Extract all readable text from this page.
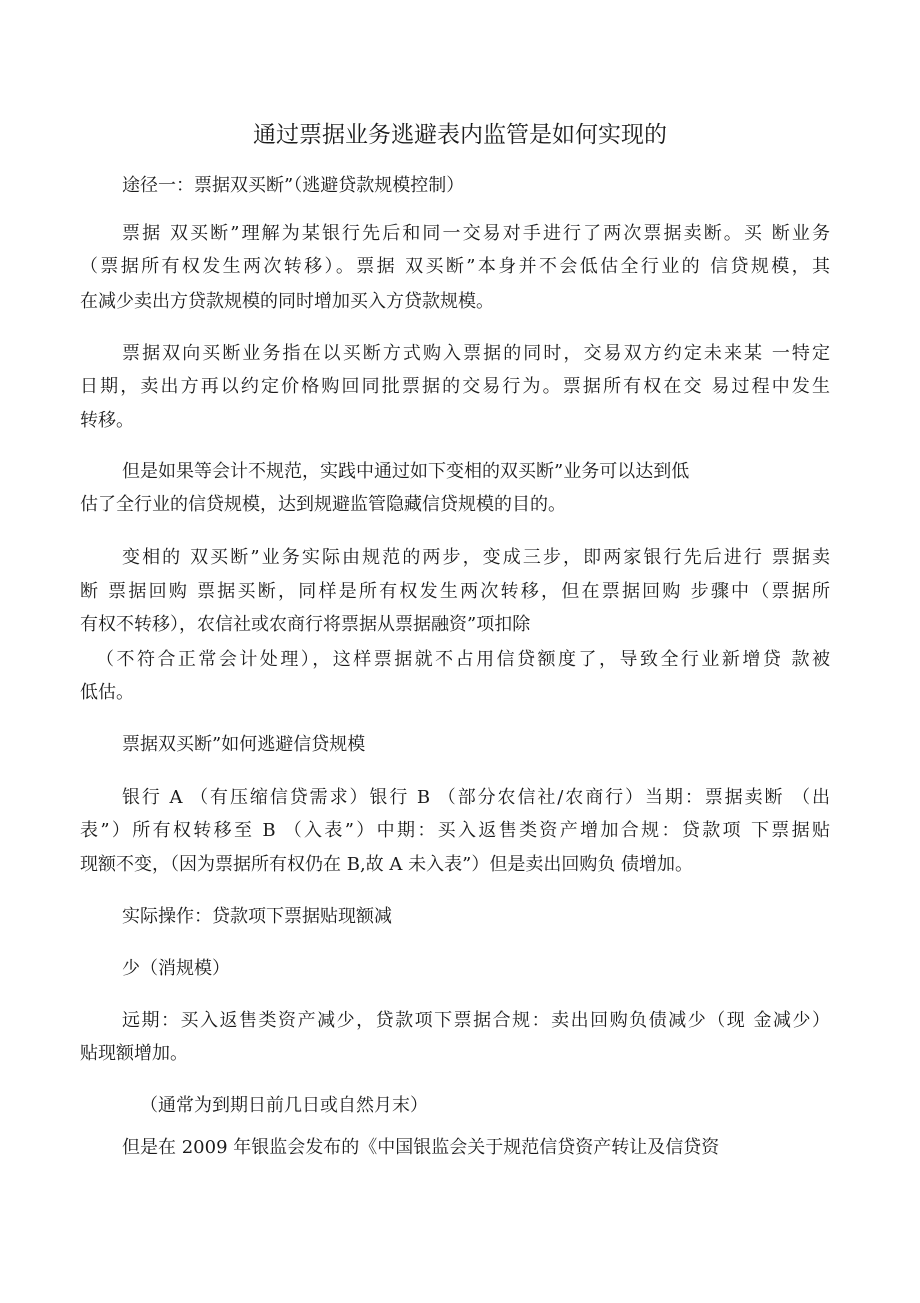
通过票据业务逃避表内监管是如何实现的
途径一：票据双买断”（逃避贷款规模控制）
票据 双买断”理解为某银行先后和同一交易对手进行了两次票据卖断。买 断业务
（票据所有权发生两次转移）。票据 双买断”本身并不会低估全行业的 信贷规模，其
在减少卖出方贷款规模的同时增加买入方贷款规模。
票据双向买断业务指在以买断方式购入票据的同时，交易双方约定未来某 一特定
日期，卖出方再以约定价格购回同批票据的交易行为。票据所有权在交 易过程中发生
转移。
但是如果等会计不规范，实践中通过如下变相的双买断”业务可以达到低
估了全行业的信贷规模，达到规避监管隐藏信贷规模的目的。
变相的 双买断”业务实际由规范的两步，变成三步，即两家银行先后进行 票据卖
断 票据回购 票据买断，同样是所有权发生两次转移，但在票据回购 步骤中（票据所
有权不转移），农信社或农商行将票据从票据融资”项扣除
（不符合正常会计处理），这样票据就不占用信贷额度了，导致全行业新增贷 款被
低估。
票据双买断”如何逃避信贷规模
银行 A （有压缩信贷需求）银行 B （部分农信社/农商行）当期：票据卖断 （出
表”）所有权转移至 B （入表”）中期：买入返售类资产增加合规：贷款项 下票据贴
现额不变，（因为票据所有权仍在 B,故 A 未入表”）但是卖出回购负 债增加。
实际操作：贷款项下票据贴现额减
少（消规模）
远期：买入返售类资产减少，贷款项下票据合规：卖出回购负债减少（现 金减少）
贴现额增加。
（通常为到期日前几日或自然月末）
但是在 2009 年银监会发布的《中国银监会关于规范信贷资产转让及信贷资
